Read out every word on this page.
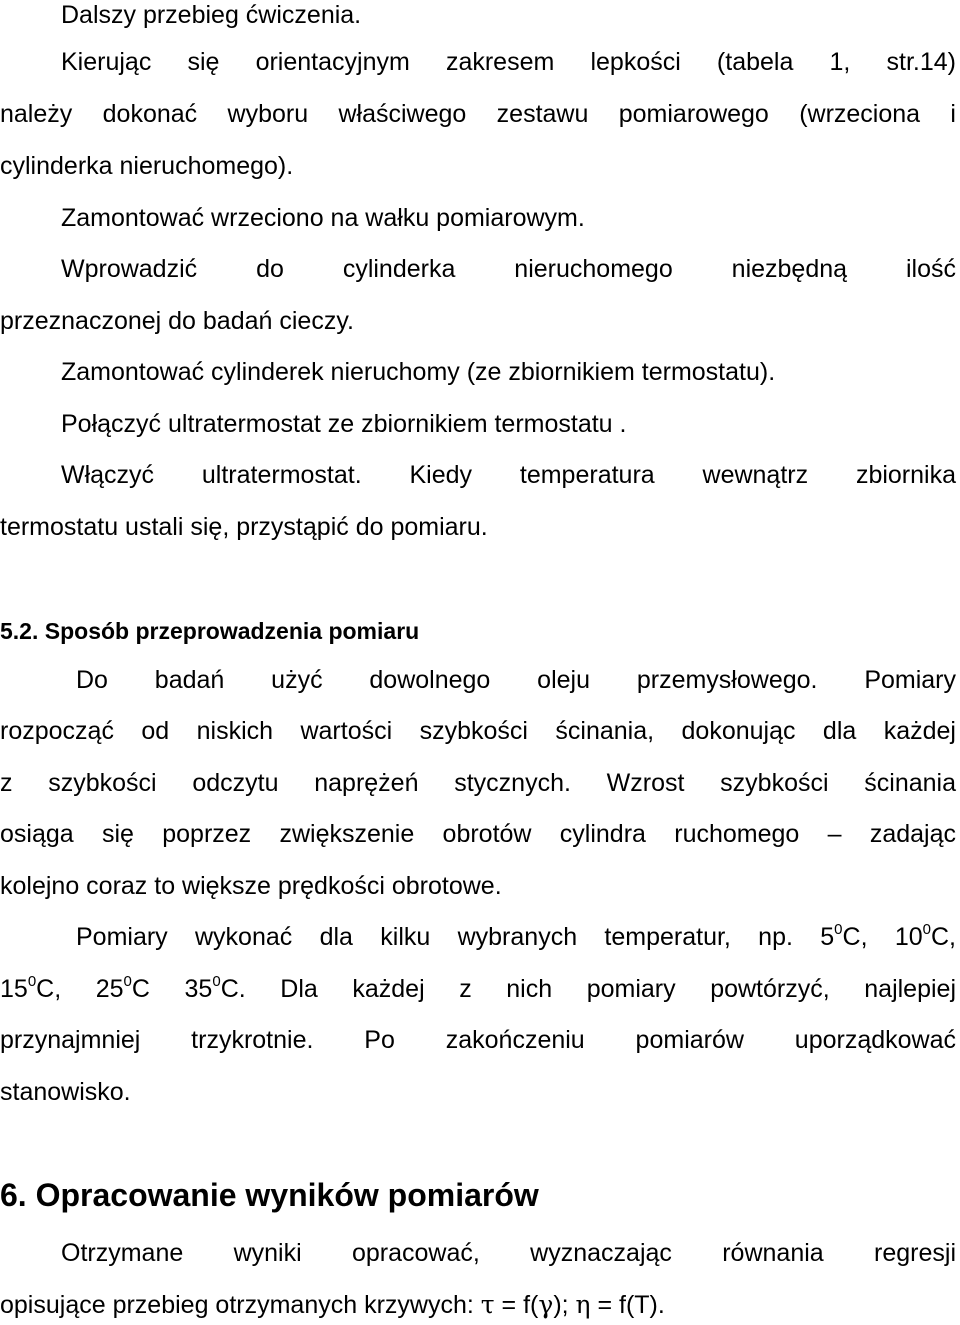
Dalszy przebieg ćwiczenia.
Kierując się orientacyjnym zakresem lepkości (tabela 1, str.14)
należy dokonać wyboru właściwego zestawu pomiarowego (wrzeciona i
cylinderka nieruchomego).
Zamontować wrzeciono na wałku pomiarowym.
Wprowadzić do cylinderka nieruchomego niezbędną ilość
przeznaczonej do badań cieczy.
Zamontować cylinderek nieruchomy (ze zbiornikiem termostatu).
Połączyć ultratermostat ze zbiornikiem termostatu .
Włączyć ultratermostat. Kiedy temperatura wewnątrz zbiornika
termostatu ustali się, przystąpić do pomiaru.
5.2. Sposób przeprowadzenia pomiaru
Do badań użyć dowolnego oleju przemysłowego. Pomiary
rozpocząć od niskich wartości szybkości ścinania, dokonując dla każdej
z szybkości odczytu naprężeń stycznych. Wzrost szybkości ścinania
osiąga się poprzez zwiększenie obrotów cylindra ruchomego – zadając
kolejno coraz to większe prędkości obrotowe.
Pomiary wykonać dla kilku wybranych temperatur, np. $5^0C$, $10^0C$,
$15^0C$, $25^0C$ $35^0C$. Dla każdej z nich pomiary powtórzyć, najlepiej
przynajmniej trzykrotnie. Po zakończeniu pomiarów uporządkować
stanowisko.
6. Opracowanie wyników pomiarów
Otrzymane wyniki opracować, wyznaczając równania regresji
opisujące przebieg otrzymanych krzywych: τ = f(γ); η = f(T).
